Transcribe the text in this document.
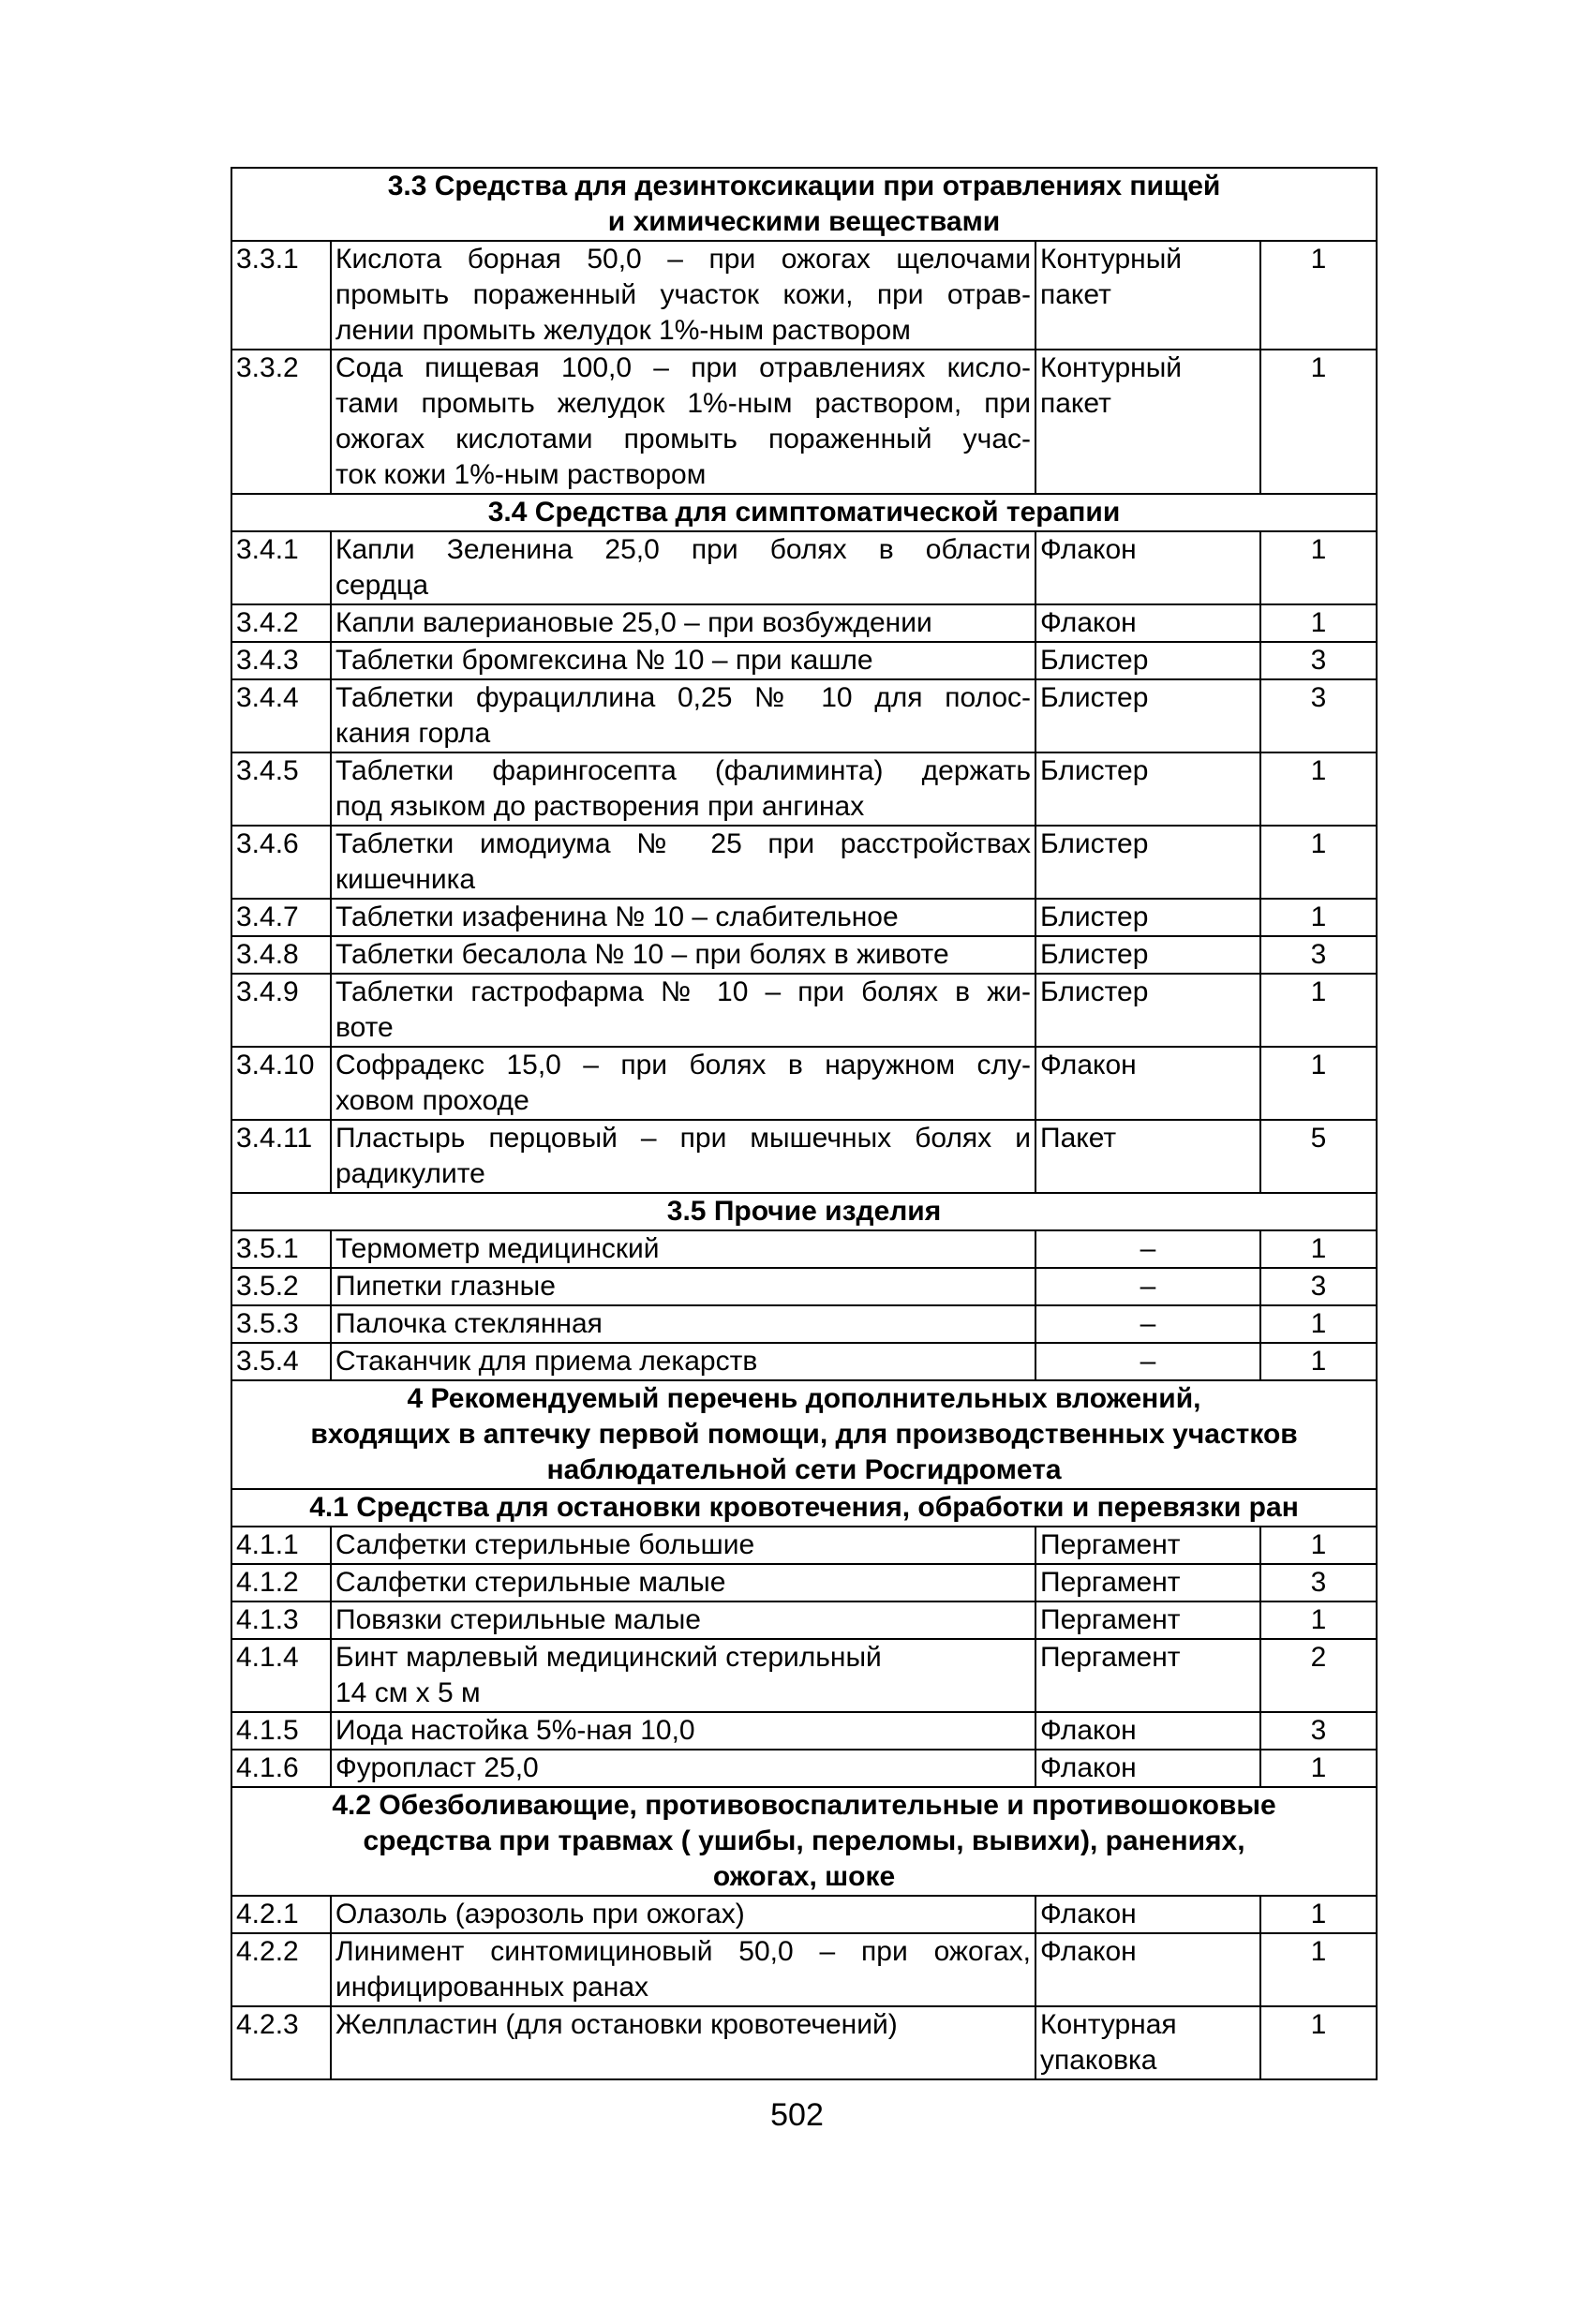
3.3 Средства для дезинтоксикации при отравлениях пищей
и химическими веществами			

3.3.1	Кислота борная 50,0 – при ожогах щелочами
промыть пораженный участок кожи, при отрав-
лении промыть желудок 1%-ным раствором	Контурный
пакет	1
3.3.2	Сода пищевая 100,0 – при отравлениях кисло-
тами промыть желудок 1%-ным раствором, при
ожогах кислотами промыть пораженный учас-
ток кожи 1%-ным раствором	Контурный
пакет	1

3.4 Средства для симптоматической терапии			

3.4.1	Капли Зеленина 25,0 при болях в области
сердца	Флакон	1
3.4.2	Капли валериановые 25,0 – при возбуждении	Флакон	1
3.4.3	Таблетки бромгексина № 10 – при кашле	Блистер	3
3.4.4	Таблетки фурациллина 0,25 № 10 для полос-
кания горла	Блистер	3
3.4.5	Таблетки фарингосепта (фалиминта) держать
под языком до растворения при ангинах	Блистер	1
3.4.6	Таблетки имодиума № 25 при расстройствах
кишечника	Блистер	1
3.4.7	Таблетки изафенина № 10 – слабительное	Блистер	1
3.4.8	Таблетки бесалола № 10 – при болях в животе	Блистер	3
3.4.9	Таблетки гастрофарма № 10 – при болях в жи-
воте	Блистер	1
3.4.10	Софрадекс 15,0 – при болях в наружном слу-
ховом проходе	Флакон	1
3.4.11	Пластырь перцовый – при мышечных болях и
радикулите	Пакет	5

3.5 Прочие изделия			

3.5.1	Термометр медицинский	–	1
3.5.2	Пипетки глазные	–	3
3.5.3	Палочка стеклянная	–	1
3.5.4	Стаканчик для приема лекарств	–	1

4 Рекомендуемый перечень дополнительных вложений,
входящих в аптечку первой помощи, для производственных участков
наблюдательной сети Росгидромета			

4.1 Средства для остановки кровотечения, обработки и перевязки ран			

4.1.1	Салфетки стерильные большие	Пергамент	1
4.1.2	Салфетки стерильные малые	Пергамент	3
4.1.3	Повязки стерильные малые	Пергамент	1
4.1.4	Бинт марлевый медицинский стерильный
14 см х 5 м	Пергамент	2
4.1.5	Иода настойка 5%-ная 10,0	Флакон	3
4.1.6	Фуропласт 25,0	Флакон	1

4.2 Обезболивающие, противовоспалительные и противошоковые
средства при травмах ( ушибы, переломы, вывихи), ранениях,
ожогах, шоке			

4.2.1	Олазоль (аэрозоль при ожогах)	Флакон	1
4.2.2	Линимент синтомициновый 50,0 – при ожогах,
инфицированных ранах	Флакон	1
4.2.3	Желпластин (для остановки кровотечений)	Контурная
упаковка	1
502
